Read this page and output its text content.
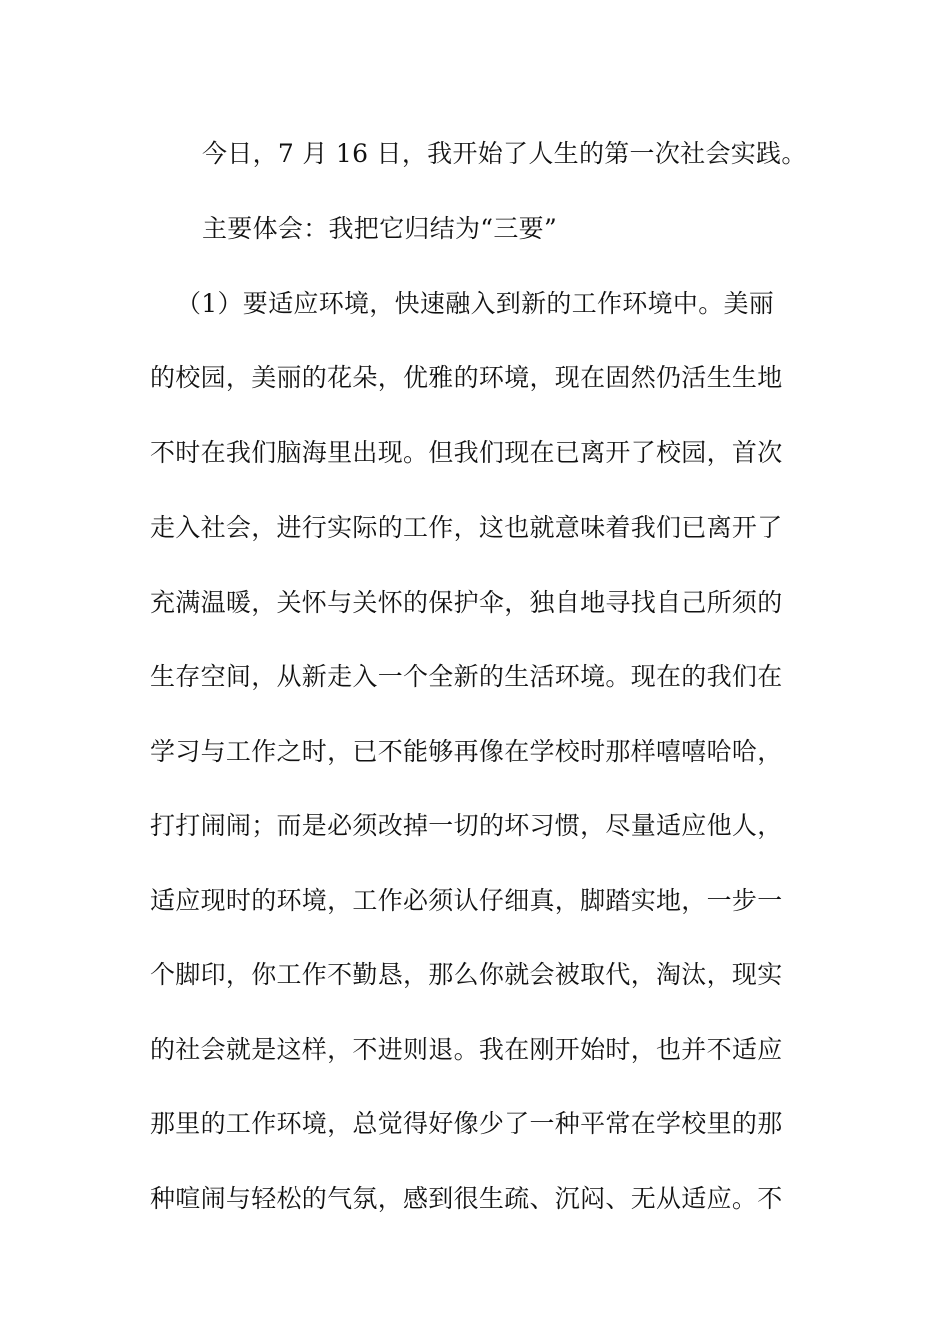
今日，7 月 16 日，我开始了人生的第一次社会实践。
主要体会：我把它归结为“三要”
（1）要适应环境，快速融入到新的工作环境中。美丽
的校园，美丽的花朵，优雅的环境，现在固然仍活生生地
不时在我们脑海里出现。但我们现在已离开了校园，首次
走入社会，进行实际的工作，这也就意味着我们已离开了
充满温暖，关怀与关怀的保护伞，独自地寻找自己所须的
生存空间，从新走入一个全新的生活环境。现在的我们在
学习与工作之时，已不能够再像在学校时那样嘻嘻哈哈，
打打闹闹；而是必须改掉一切的坏习惯，尽量适应他人，
适应现时的环境，工作必须认仔细真，脚踏实地，一步一
个脚印，你工作不勤恳，那么你就会被取代，淘汰，现实
的社会就是这样，不进则退。我在刚开始时，也并不适应
那里的工作环境，总觉得好像少了一种平常在学校里的那
种喧闹与轻松的气氛，感到很生疏、沉闷、无从适应。不
